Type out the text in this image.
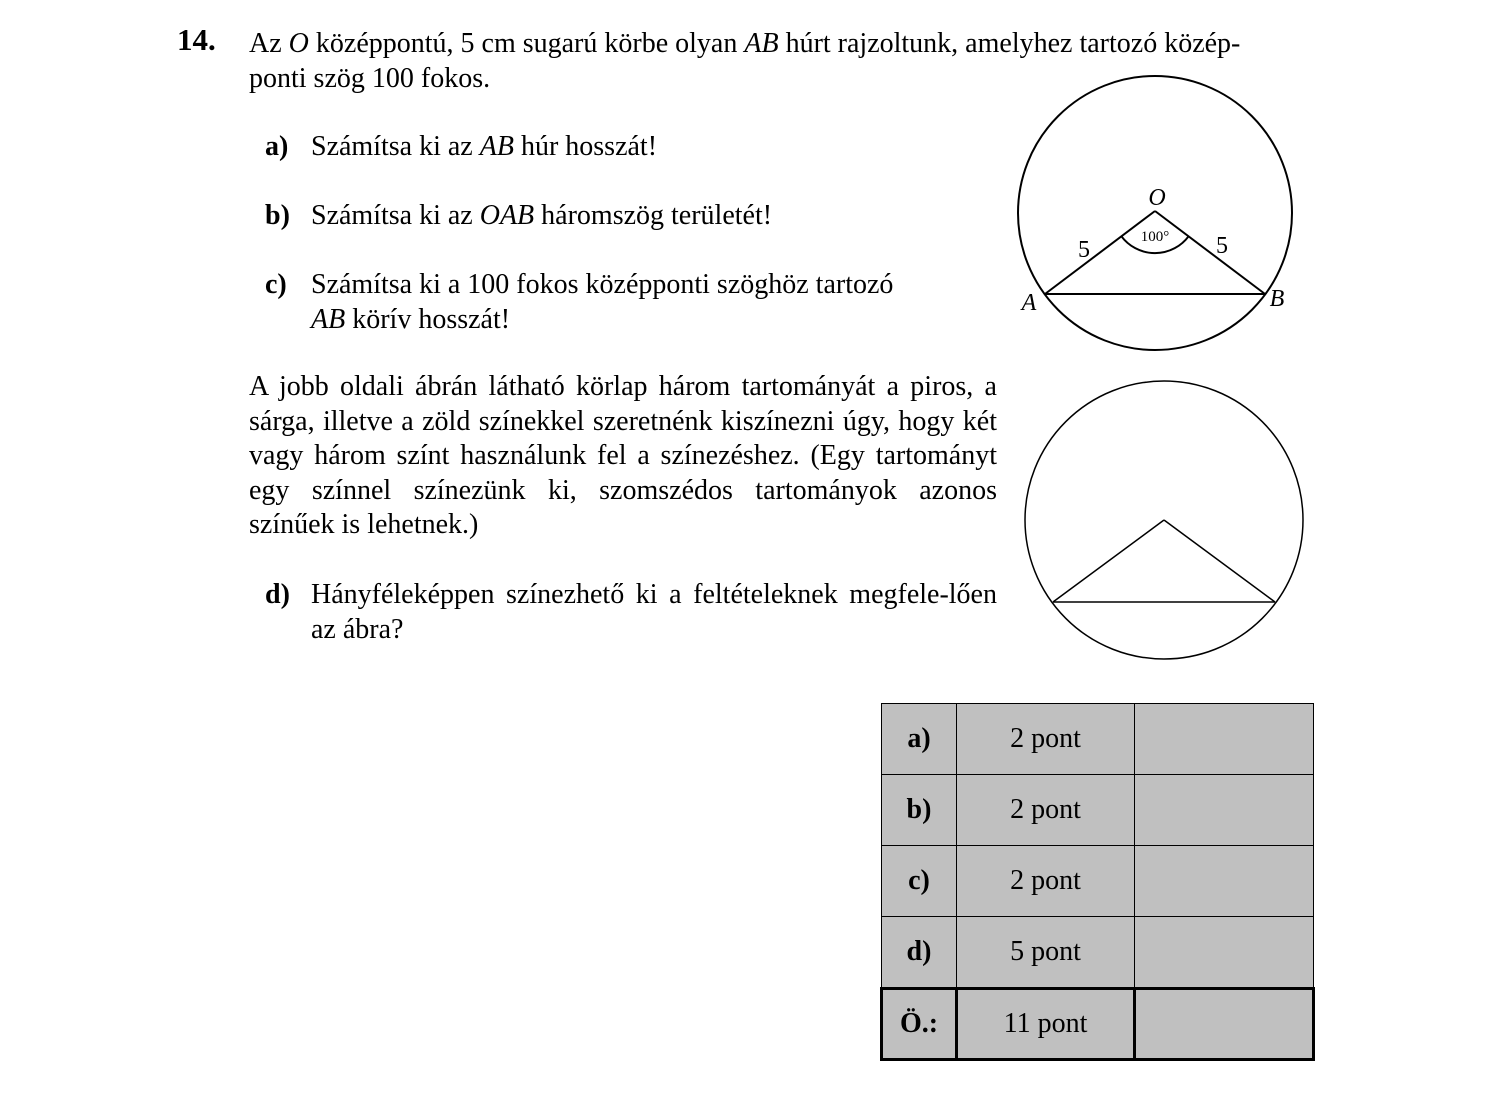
14. Az O középpontú, 5 cm sugarú körbe olyan AB húrt rajzoltunk, amelyhez tartozó közép-
ponti szög 100 fokos.
a) Számítsa ki az AB húr hosszát!
b) Számítsa ki az OAB háromszög területét!
c) Számítsa ki a 100 fokos középponti szöghöz tartozó
AB körív hosszát!
A jobb oldali ábrán látható körlap három tartományát a piros, a sárga, illetve a zöld színekkel szeretnénk kiszínezni úgy, hogy két vagy három színt használunk fel a színezéshez. (Egy tartományt egy színnel színezünk ki, szomszédos tartományok azonos színűek is lehetnek.)
d) Hányféleképpen színezhető ki a feltételeknek megfele-lően az ábra?
O
A	B
5	5
100°
a)	2 pont	
b)	2 pont	
c)	2 pont	
d)	5 pont	
Ö.:	11 pont	
